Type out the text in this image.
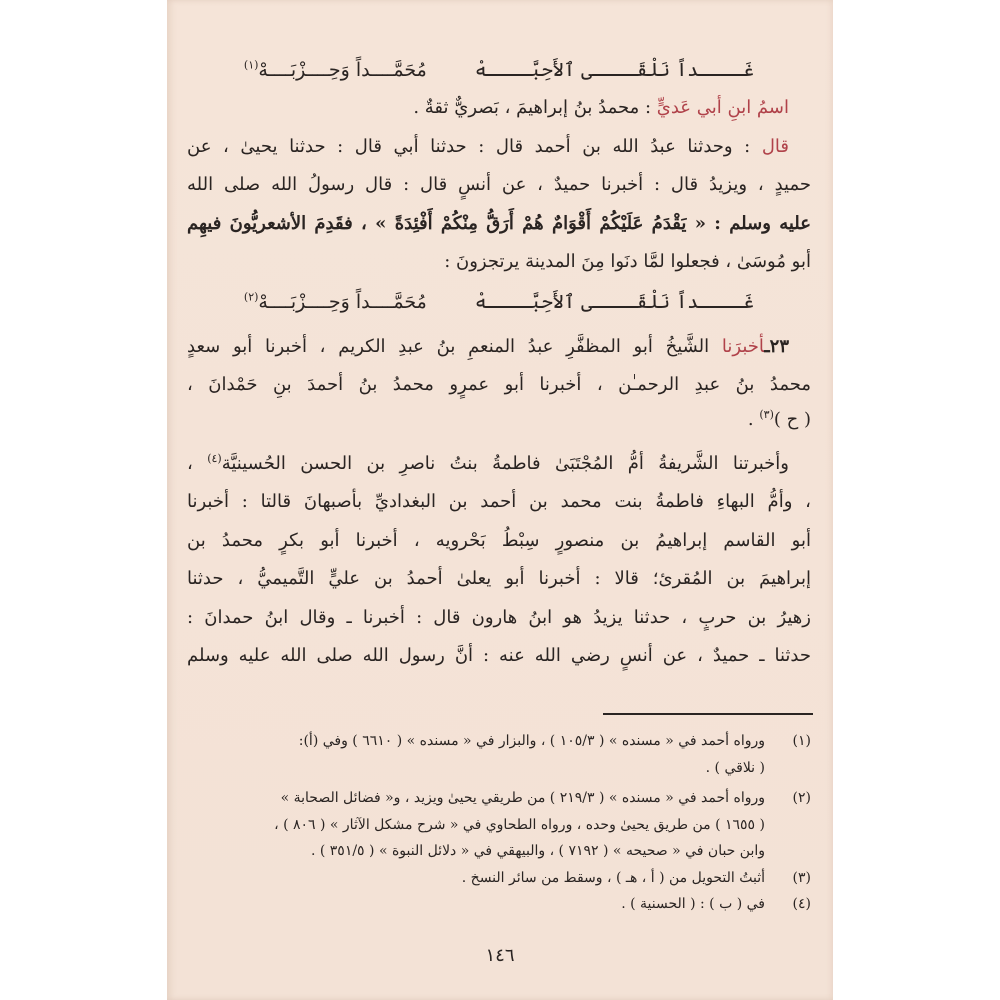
غَــــداً نَلْقَــــى ٱلأَحِبَّــــهْ
مُحَمَّــــداً وَحِــــزْبَــــهْ$^{(١)}$

اسمُ ابنِ أبي عَديٍّ : محمدُ بنُ إبراهيمَ ، بَصريٌّ ثقةٌ .

قال : وحدثنا عبدُ الله بن أحمد قال : حدثنا أبي قال : حدثنا يحيىٰ ، عن
حميدٍ ، ويزيدُ قال : أخبرنا حميدٌ ، عن أنسٍ قال : قال رسولُ الله صلى الله
عليه وسلم : « يَقْدَمُ عَلَيْكُمْ أَقْوَامٌ هُمْ أَرَقُّ مِنْكُمْ أَفْئِدَةً » ، فقَدِمَ الأشعريُّونَ فيهِم
أبو مُوسَىٰ ، فجعلوا لمَّا دنَوا مِنَ المدينة يرتجزونَ :

غَــــداً نَلْقَــــى ٱلأَحِبَّــــهْ
مُحَمَّــــداً وَحِــــزْبَــــهْ$^{(٢)}$

٢٣ـأخبرَنا الشَّيخُ أبو المظفَّرِ عبدُ المنعمِ بنُ عبدِ الكريم ، أخبرنا أبو سعدٍ
محمدُ بنُ عبدِ الرحمـٰن ، أخبرنا أبو عمرٍو محمدُ بنُ أحمدَ بنِ حَمْدانَ ،
( ح )$^{(٣)}$ .

وأخبرتنا الشَّريفةُ أمُّ المُجْتَبَىٰ فاطمةُ بنتُ ناصرِ بن الحسن الحُسينيَّة$^{(٤)}$ ،
، وأمُّ البهاءِ فاطمةُ بنت محمد بن أحمد بن البغداديِّ بأصبهانَ قالتا : أخبرنا
أبو القاسم إبراهيمُ بن منصورٍ سِبْطُ بَحْرويه ، أخبرنا أبو بكرٍ محمدُ بن
إبراهيمَ بن المُقرئ؛ قالا : أخبرنا أبو يعلىٰ أحمدُ بن عليٍّ التَّميميُّ ، حدثنا
زهيرُ بن حربٍ ، حدثنا يزيدُ هو ابنُ هارون قال : أخبرنا ـ وقال ابنُ حمدانَ :
حدثنا ـ حميدٌ ، عن أنسٍ رضي الله عنه : أنَّ رسول الله صلى الله عليه وسلم

(١)
ورواه أحمد في « مسنده » ( ١٠٥/٣ ) ، والبزار في « مسنده » ( ٦٦١٠ ) وفي (أ):
( نلاقي ) .
(٢)
ورواه أحمد في « مسنده » ( ٢١٩/٣ ) من طريقي يحيىٰ ويزيد ، و« فضائل الصحابة »
( ١٦٥٥ ) من طريق يحيىٰ وحده ، ورواه الطحاوي في « شرح مشكل الآثار » ( ٨٠٦ ) ،
وابن حبان في « صحيحه » ( ٧١٩٢ ) ، والبيهقي في « دلائل النبوة » ( ٣٥١/٥ ) .
(٣)
أثبتُ التحويل من ( أ ، هـ ) ، وسقط من سائر النسخ .
(٤)
في ( ب ) : ( الحسنية ) .
١٤٦
